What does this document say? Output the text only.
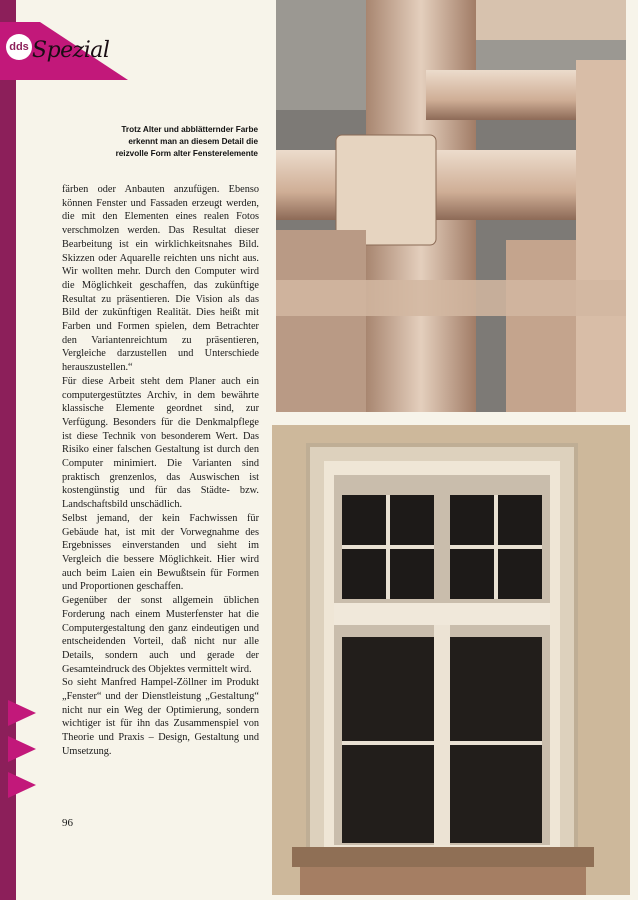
dds Spezial
Trotz Alter und abblätternder Farbe erkennt man an diesem Detail die reizvolle Form alter Fensterelemente

färben oder Anbauten anzufügen. Ebenso können Fenster und Fassaden erzeugt werden, die mit den Elementen eines realen Fotos verschmolzen werden. Das Resultat dieser Bearbeitung ist ein wirklichkeitsnahes Bild. Skizzen oder Aquarelle reichten uns nicht aus. Wir wollten mehr. Durch den Computer wird die Möglichkeit geschaffen, das zukünftige Resultat zu präsentieren. Die Vision als das Bild der zukünftigen Realität. Dies heißt mit Farben und Formen spielen, dem Betrachter den Variantenreichtum zu präsentieren, Vergleiche darzustellen und Unterschiede herauszustellen.“

Für diese Arbeit steht dem Planer auch ein computergestütztes Archiv, in dem bewährte klassische Elemente geordnet sind, zur Verfügung. Besonders für die Denkmalpflege ist diese Technik von besonderem Wert. Das Risiko einer falschen Gestaltung ist durch den Computer minimiert. Die Varianten sind praktisch grenzenlos, das Auswischen ist kostengünstig und für das Städte- bzw. Landschaftsbild unschädlich.

Selbst jemand, der kein Fachwissen für Gebäude hat, ist mit der Vorwegnahme des Ergebnisses einverstanden und sieht im Vergleich die bessere Möglichkeit. Hier wird auch beim Laien ein Bewußtsein für Formen und Proportionen geschaffen.

Gegenüber der sonst allgemein üblichen Forderung nach einem Musterfenster hat die Computergestaltung den ganz eindeutigen und entscheidenden Vorteil, daß nicht nur alle Details, sondern auch und gerade der Gesamteindruck des Objektes vermittelt wird.

So sieht Manfred Hampel-Zöllner im Produkt „Fenster“ und der Dienstleistung „Gestaltung“ nicht nur ein Weg der Optimierung, sondern wichtiger ist für ihn das Zusammenspiel von Theorie und Praxis – Design, Gestaltung und Umsetzung.

96
